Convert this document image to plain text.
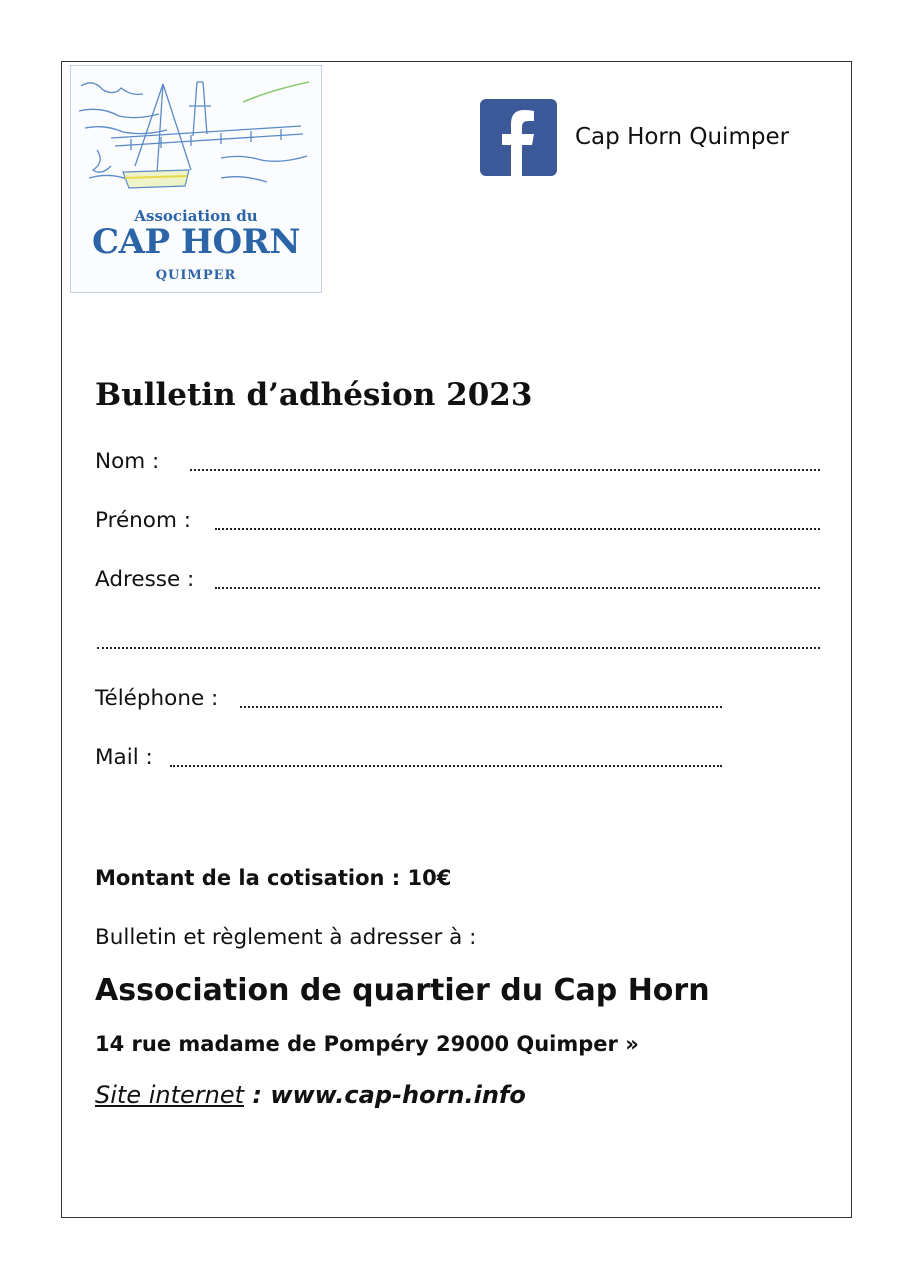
Association du
CAP HORN
QUIMPER
Cap Horn Quimper
Bulletin d’adhésion 2023
Nom :
Prénom :
Adresse :
Téléphone :
Mail :
Montant de la cotisation : 10€
Bulletin et règlement à adresser à :
Association de quartier du Cap Horn
14 rue madame de Pompéry 29000 Quimper »
Site internet : www.cap-horn.info
